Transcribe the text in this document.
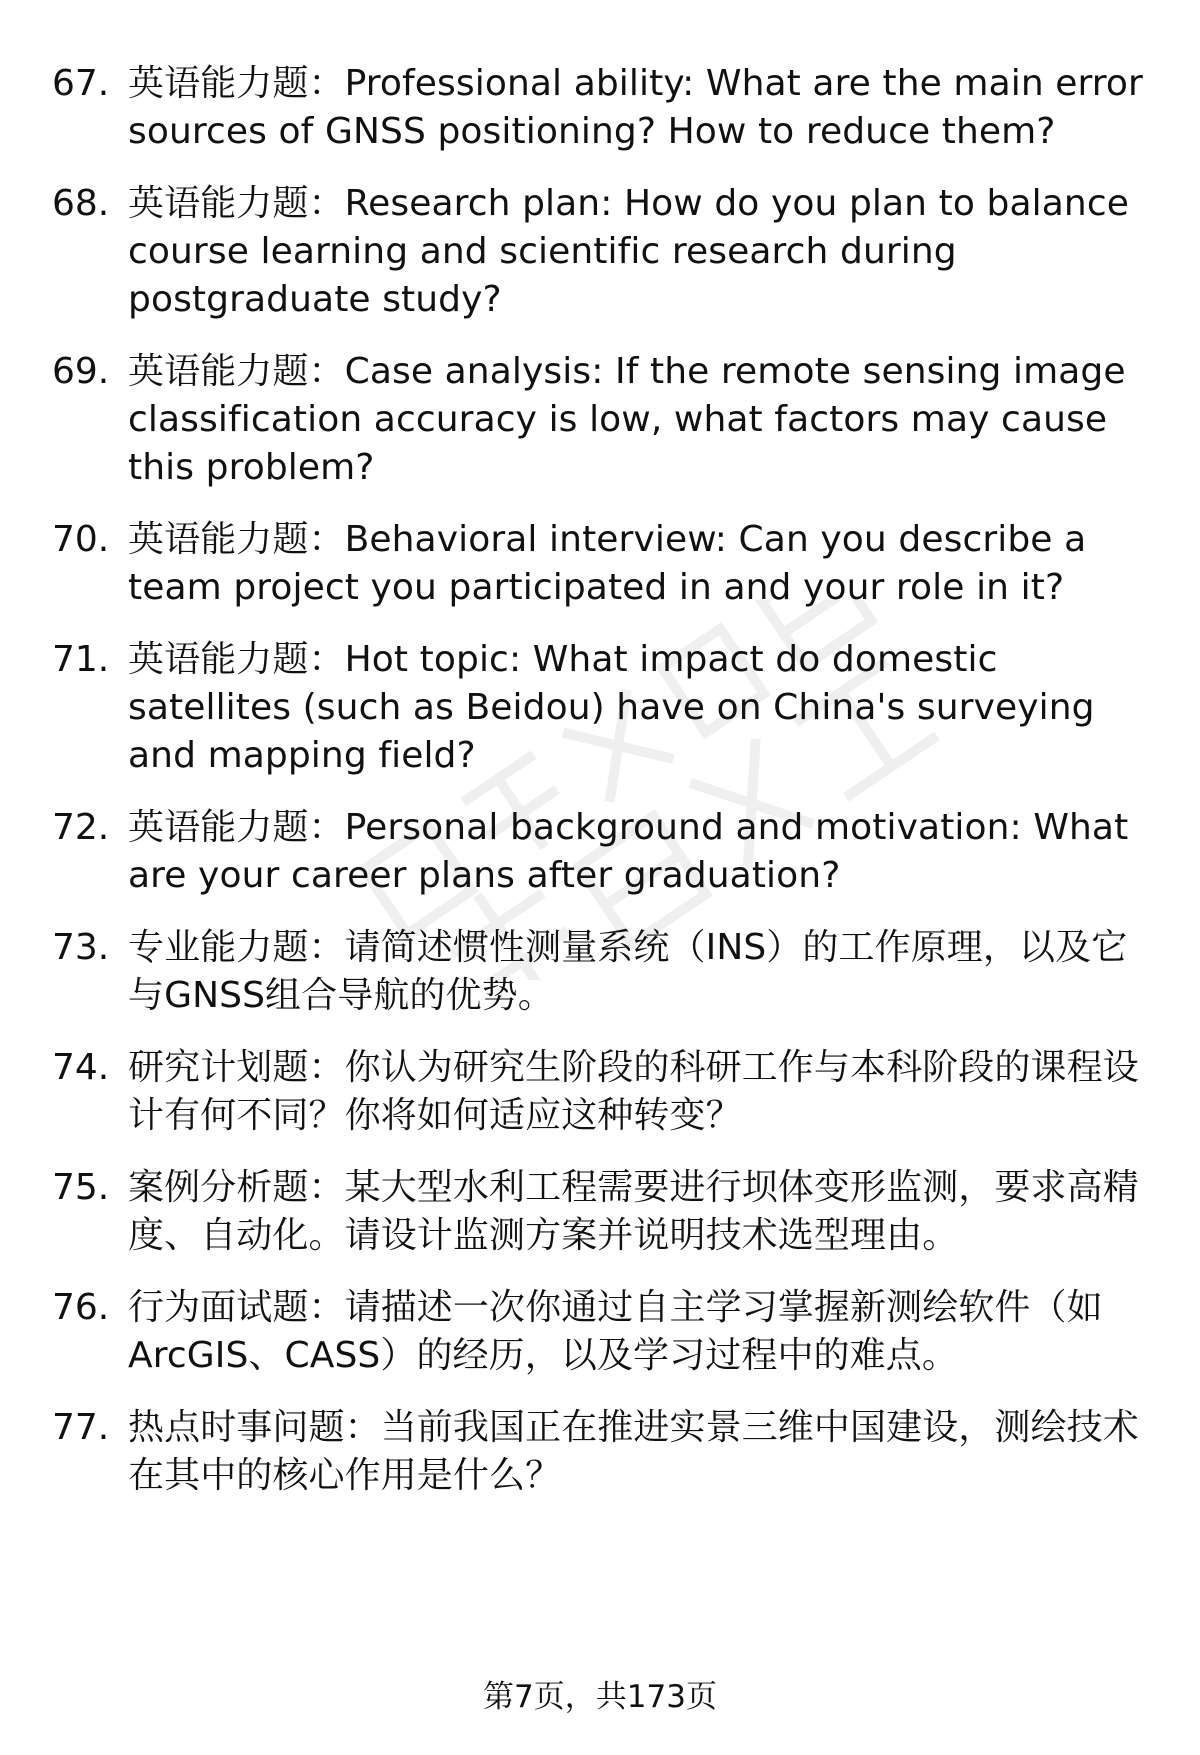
67. 英语能力题：Professional ability: What are the main error sources of GNSS positioning? How to reduce them?
68. 英语能力题：Research plan: How do you plan to balance course learning and scientific research during postgraduate study?
69. 英语能力题：Case analysis: If the remote sensing image classification accuracy is low, what factors may cause this problem?
70. 英语能力题：Behavioral interview: Can you describe a team project you participated in and your role in it?
71. 英语能力题：Hot topic: What impact do domestic satellites (such as Beidou) have on China's surveying and mapping field?
72. 英语能力题：Personal background and motivation: What are your career plans after graduation?
73. 专业能力题：请简述惯性测量系统（INS）的工作原理，以及它与GNSS组合导航的优势。
74. 研究计划题：你认为研究生阶段的科研工作与本科阶段的课程设计有何不同？你将如何适应这种转变？
75. 案例分析题：某大型水利工程需要进行坝体变形监测，要求高精度、自动化。请设计监测方案并说明技术选型理由。
76. 行为面试题：请描述一次你通过自主学习掌握新测绘软件（如ArcGIS、CASS）的经历，以及学习过程中的难点。
77. 热点时事问题：当前我国正在推进实景三维中国建设，测绘技术在其中的核心作用是什么？
第7页，共173页
